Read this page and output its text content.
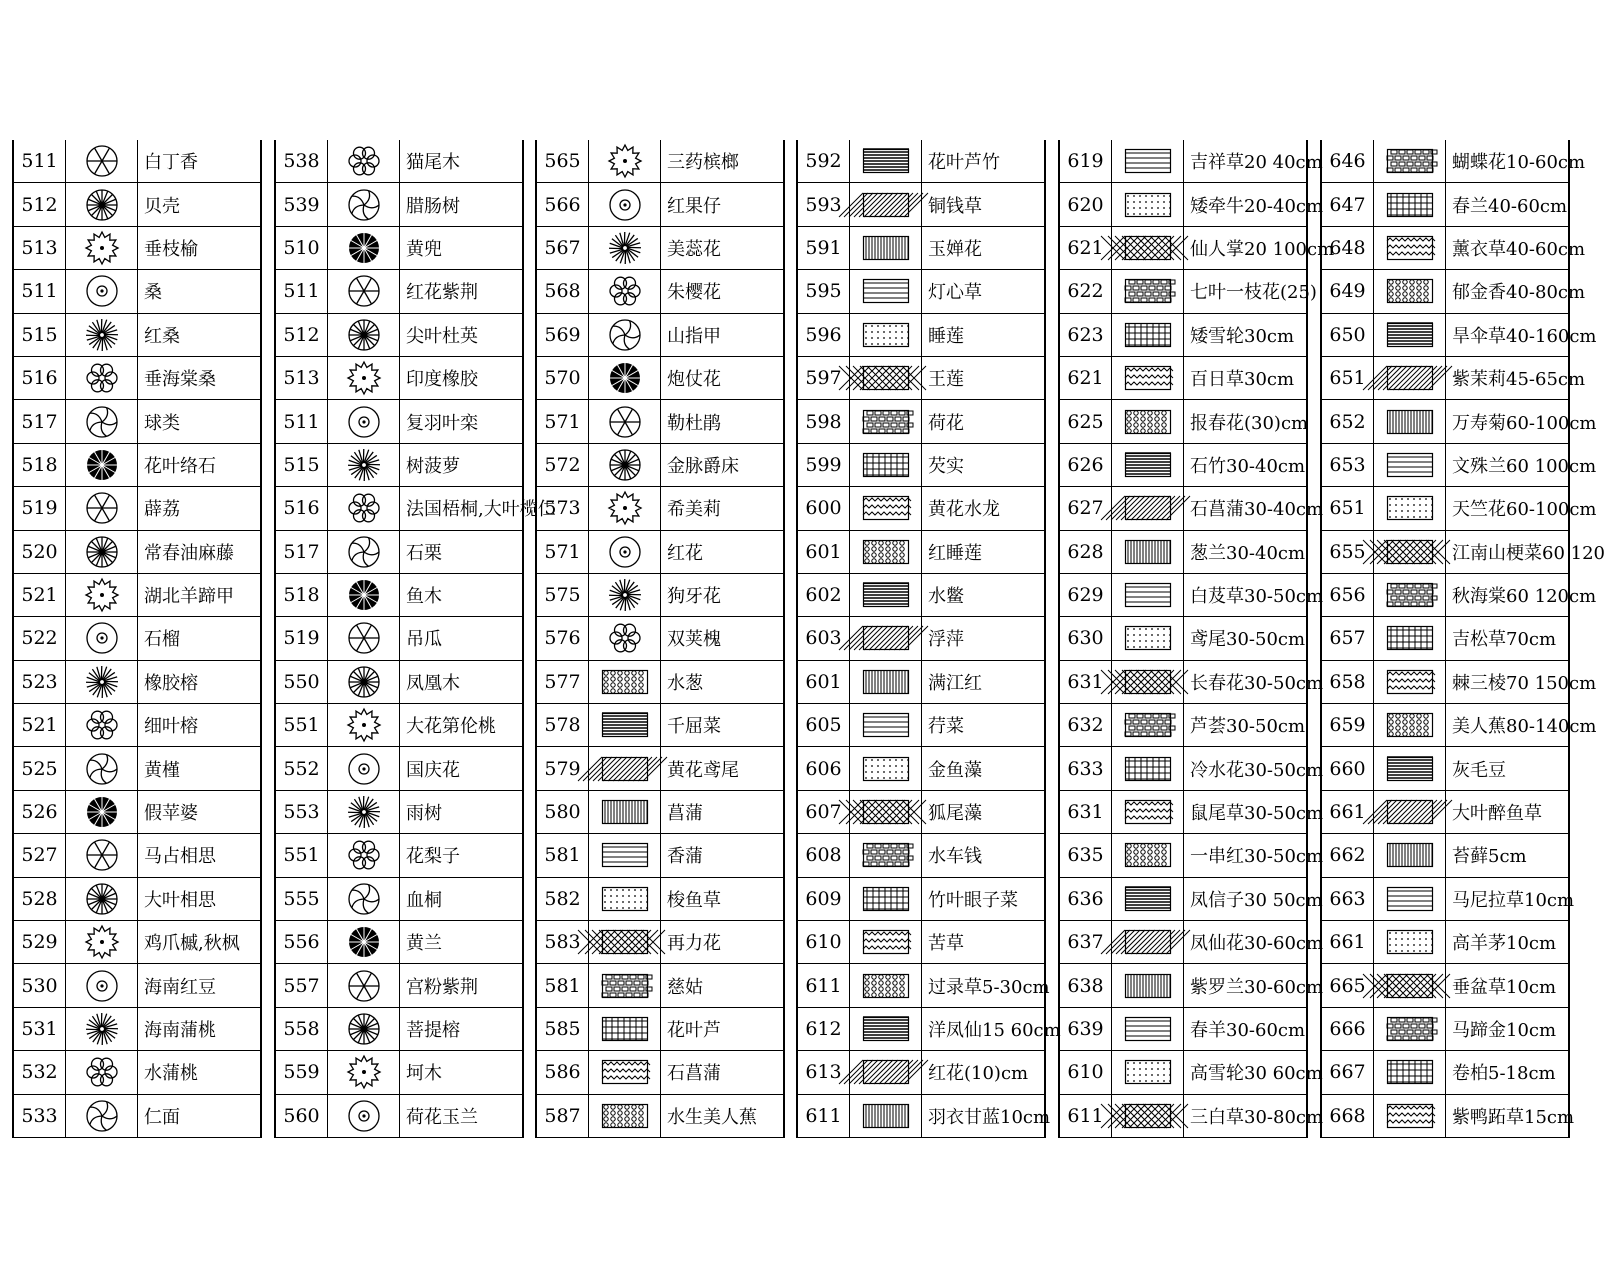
511	白丁香
512	贝壳
513	垂枝榆
511	桑
515	红桑
516	垂海棠桑
517	球类
518	花叶络石
519	薜荔
520	常春油麻藤
521	湖北羊蹄甲
522	石榴
523	橡胶榕
521	细叶榕
525	黄槿
526	假苹婆
527	马占相思
528	大叶相思
529	鸡爪槭,秋枫
530	海南红豆
531	海南蒲桃
532	水蒲桃
533	仁面
538	猫尾木
539	腊肠树
510	黄兜
511	红花紫荆
512	尖叶杜英
513	印度橡胶
511	复羽叶栾
515	树菠萝
516	法国梧桐,大叶榄仁
517	石栗
518	鱼木
519	吊瓜
550	凤凰木
551	大花第伦桃
552	国庆花
553	雨树
551	花梨子
555	血桐
556	黄兰
557	宫粉紫荆
558	菩提榕
559	坷木
560	荷花玉兰
565	三药槟榔
566	红果仔
567	美蕊花
568	朱樱花
569	山指甲
570	炮仗花
571	勒杜鹃
572	金脉爵床
573	希美莉
571	红花
575	狗牙花
576	双荚槐
577	水葱
578	千屈菜
579	黄花鸢尾
580	菖蒲
581	香蒲
582	梭鱼草
583	再力花
581	慈姑
585	花叶芦
586	石菖蒲
587	水生美人蕉
592	花叶芦竹
593	铜钱草
591	玉婵花
595	灯心草
596	睡莲
597	王莲
598	荷花
599	芡实
600	黄花水龙
601	红睡莲
602	水鳖
603	浮萍
601	满江红
605	荇菜
606	金鱼藻
607	狐尾藻
608	水车钱
609	竹叶眼子菜
610	苦草
611	过录草5-30cm
612	洋凤仙15 60cm
613	红花(10)cm
611	羽衣甘蓝10cm
619	吉祥草20 40cm
620	矮牵牛20-40cm
621	仙人掌20 100cm
622	七叶一枝花(25)
623	矮雪轮30cm
621	百日草30cm
625	报春花(30)cm
626	石竹30-40cm
627	石菖蒲30-40cm
628	葱兰30-40cm
629	白芨草30-50cm
630	鸢尾30-50cm
631	长春花30-50cm
632	芦荟30-50cm
633	冷水花30-50cm
631	鼠尾草30-50cm
635	一串红30-50cm
636	凤信子30 50cm
637	凤仙花30-60cm
638	紫罗兰30-60cm
639	春羊30-60cm
610	高雪轮30 60cm
611	三白草30-80cm
646	蝴蝶花10-60cm
647	春兰40-60cm
648	薰衣草40-60cm
649	郁金香40-80cm
650	旱伞草40-160cm
651	紫茉莉45-65cm
652	万寿菊60-100cm
653	文殊兰60 100cm
651	天竺花60-100cm
655	江南山梗菜60 120
656	秋海棠60 120cm
657	吉松草70cm
658	棘三棱70 150cm
659	美人蕉80-140cm
660	灰毛豆
661	大叶醉鱼草
662	苔藓5cm
663	马尼拉草10cm
661	高羊茅10cm
665	垂盆草10cm
666	马蹄金10cm
667	卷柏5-18cm
668	紫鸭跖草15cm
